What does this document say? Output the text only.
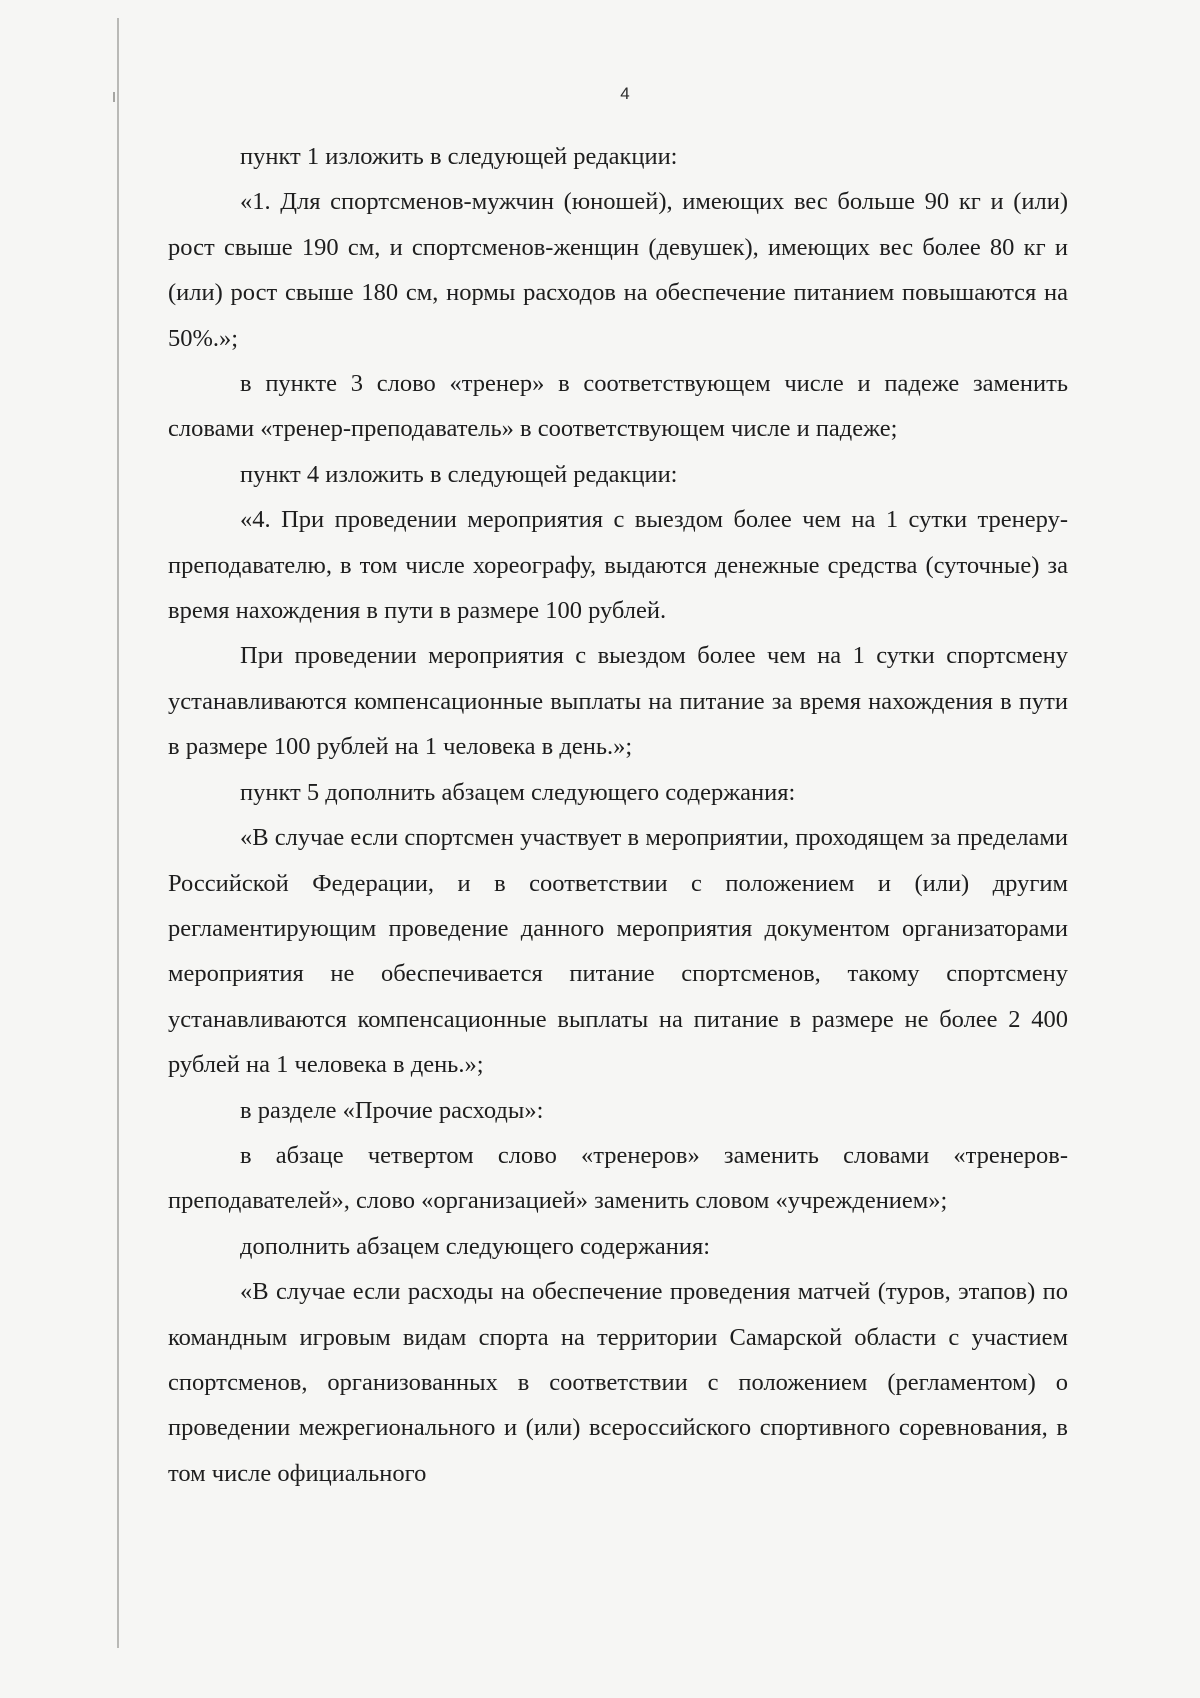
4

пункт 1 изложить в следующей редакции:

«1. Для спортсменов-мужчин (юношей), имеющих вес больше 90 кг и (или) рост свыше 190 см, и спортсменов-женщин (девушек), имеющих вес более 80 кг и (или) рост свыше 180 см, нормы расходов на обеспечение питанием повышаются на 50%.»;

в пункте 3 слово «тренер» в соответствующем числе и падеже заменить словами «тренер-преподаватель» в соответствующем числе и падеже;

пункт 4 изложить в следующей редакции:

«4. При проведении мероприятия с выездом более чем на 1 сутки тренеру-преподавателю, в том числе хореографу, выдаются денежные средства (суточные) за время нахождения в пути в размере 100 рублей.

При проведении мероприятия с выездом более чем на 1 сутки спортсмену устанавливаются компенсационные выплаты на питание за время нахождения в пути в размере 100 рублей на 1 человека в день.»;

пункт 5 дополнить абзацем следующего содержания:

«В случае если спортсмен участвует в мероприятии, проходящем за пределами Российской Федерации, и в соответствии с положением и (или) другим регламентирующим проведение данного мероприятия документом организаторами мероприятия не обеспечивается питание спортсменов, такому спортсмену устанавливаются компенсационные выплаты на питание в размере не более 2 400 рублей на 1 человека в день.»;

в разделе «Прочие расходы»:

в абзаце четвертом слово «тренеров» заменить словами «тренеров-преподавателей», слово «организацией» заменить словом «учреждением»;

дополнить абзацем следующего содержания:

«В случае если расходы на обеспечение проведения матчей (туров, этапов) по командным игровым видам спорта на территории Самарской области с участием спортсменов, организованных в соответствии с положением (регламентом) о проведении межрегионального и (или) всероссийского спортивного соревнования, в том числе официального
